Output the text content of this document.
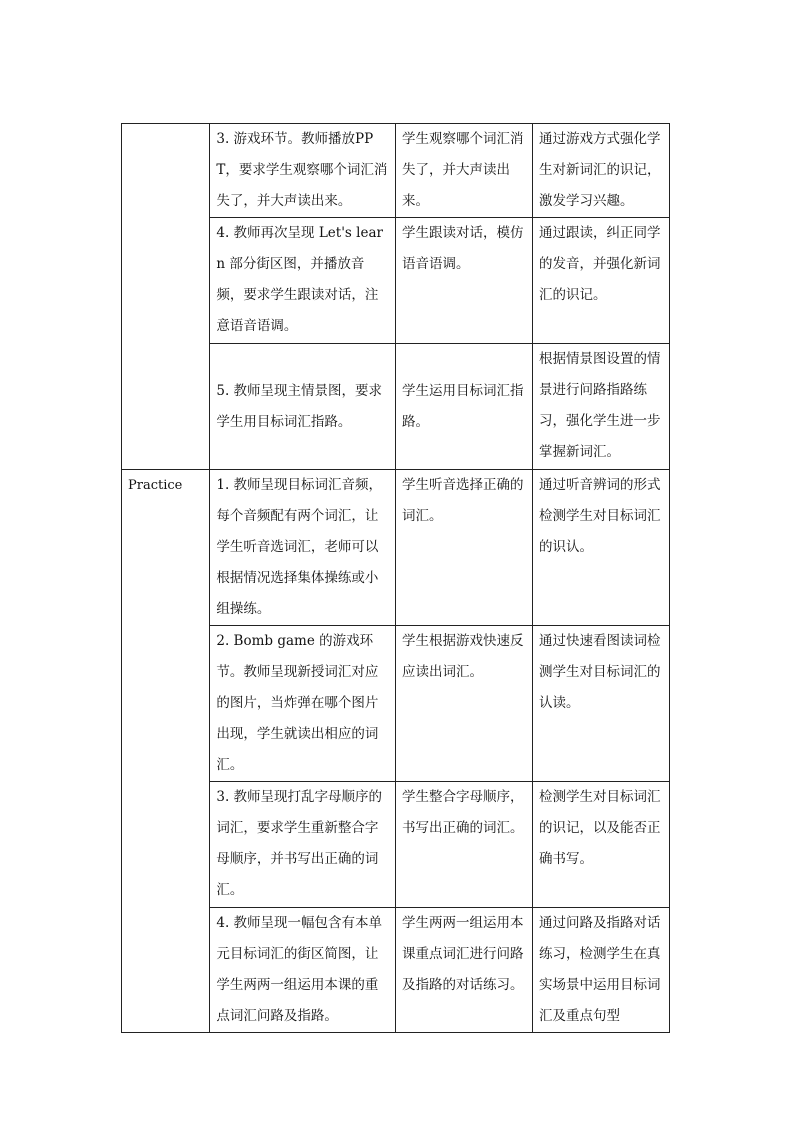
	3. 游戏环节。教师播放PPT，要求学生观察哪个词汇消失了，并大声读出来。	学生观察哪个词汇消失了，并大声读出来。	通过游戏方式强化学生对新词汇的识记，激发学习兴趣。
	4. 教师再次呈现 Let's learn 部分街区图，并播放音频，要求学生跟读对话，注意语音语调。	学生跟读对话，模仿语音语调。	通过跟读，纠正同学的发音，并强化新词汇的识记。
	5. 教师呈现主情景图，要求学生用目标词汇指路。	学生运用目标词汇指路。	根据情景图设置的情景进行问路指路练习，强化学生进一步掌握新词汇。
Practice	1. 教师呈现目标词汇音频，每个音频配有两个词汇，让学生听音选词汇，老师可以根据情况选择集体操练或小组操练。	学生听音选择正确的词汇。	通过听音辨词的形式检测学生对目标词汇的识认。
	2. Bomb game 的游戏环节。教师呈现新授词汇对应的图片，当炸弹在哪个图片出现，学生就读出相应的词汇。	学生根据游戏快速反应读出词汇。	通过快速看图读词检测学生对目标词汇的认读。
	3. 教师呈现打乱字母顺序的词汇，要求学生重新整合字母顺序，并书写出正确的词汇。	学生整合字母顺序，书写出正确的词汇。	检测学生对目标词汇的识记，以及能否正确书写。
	4. 教师呈现一幅包含有本单元目标词汇的街区简图，让学生两两一组运用本课的重点词汇问路及指路。	学生两两一组运用本课重点词汇进行问路及指路的对话练习。	通过问路及指路对话练习，检测学生在真实场景中运用目标词汇及重点句型
